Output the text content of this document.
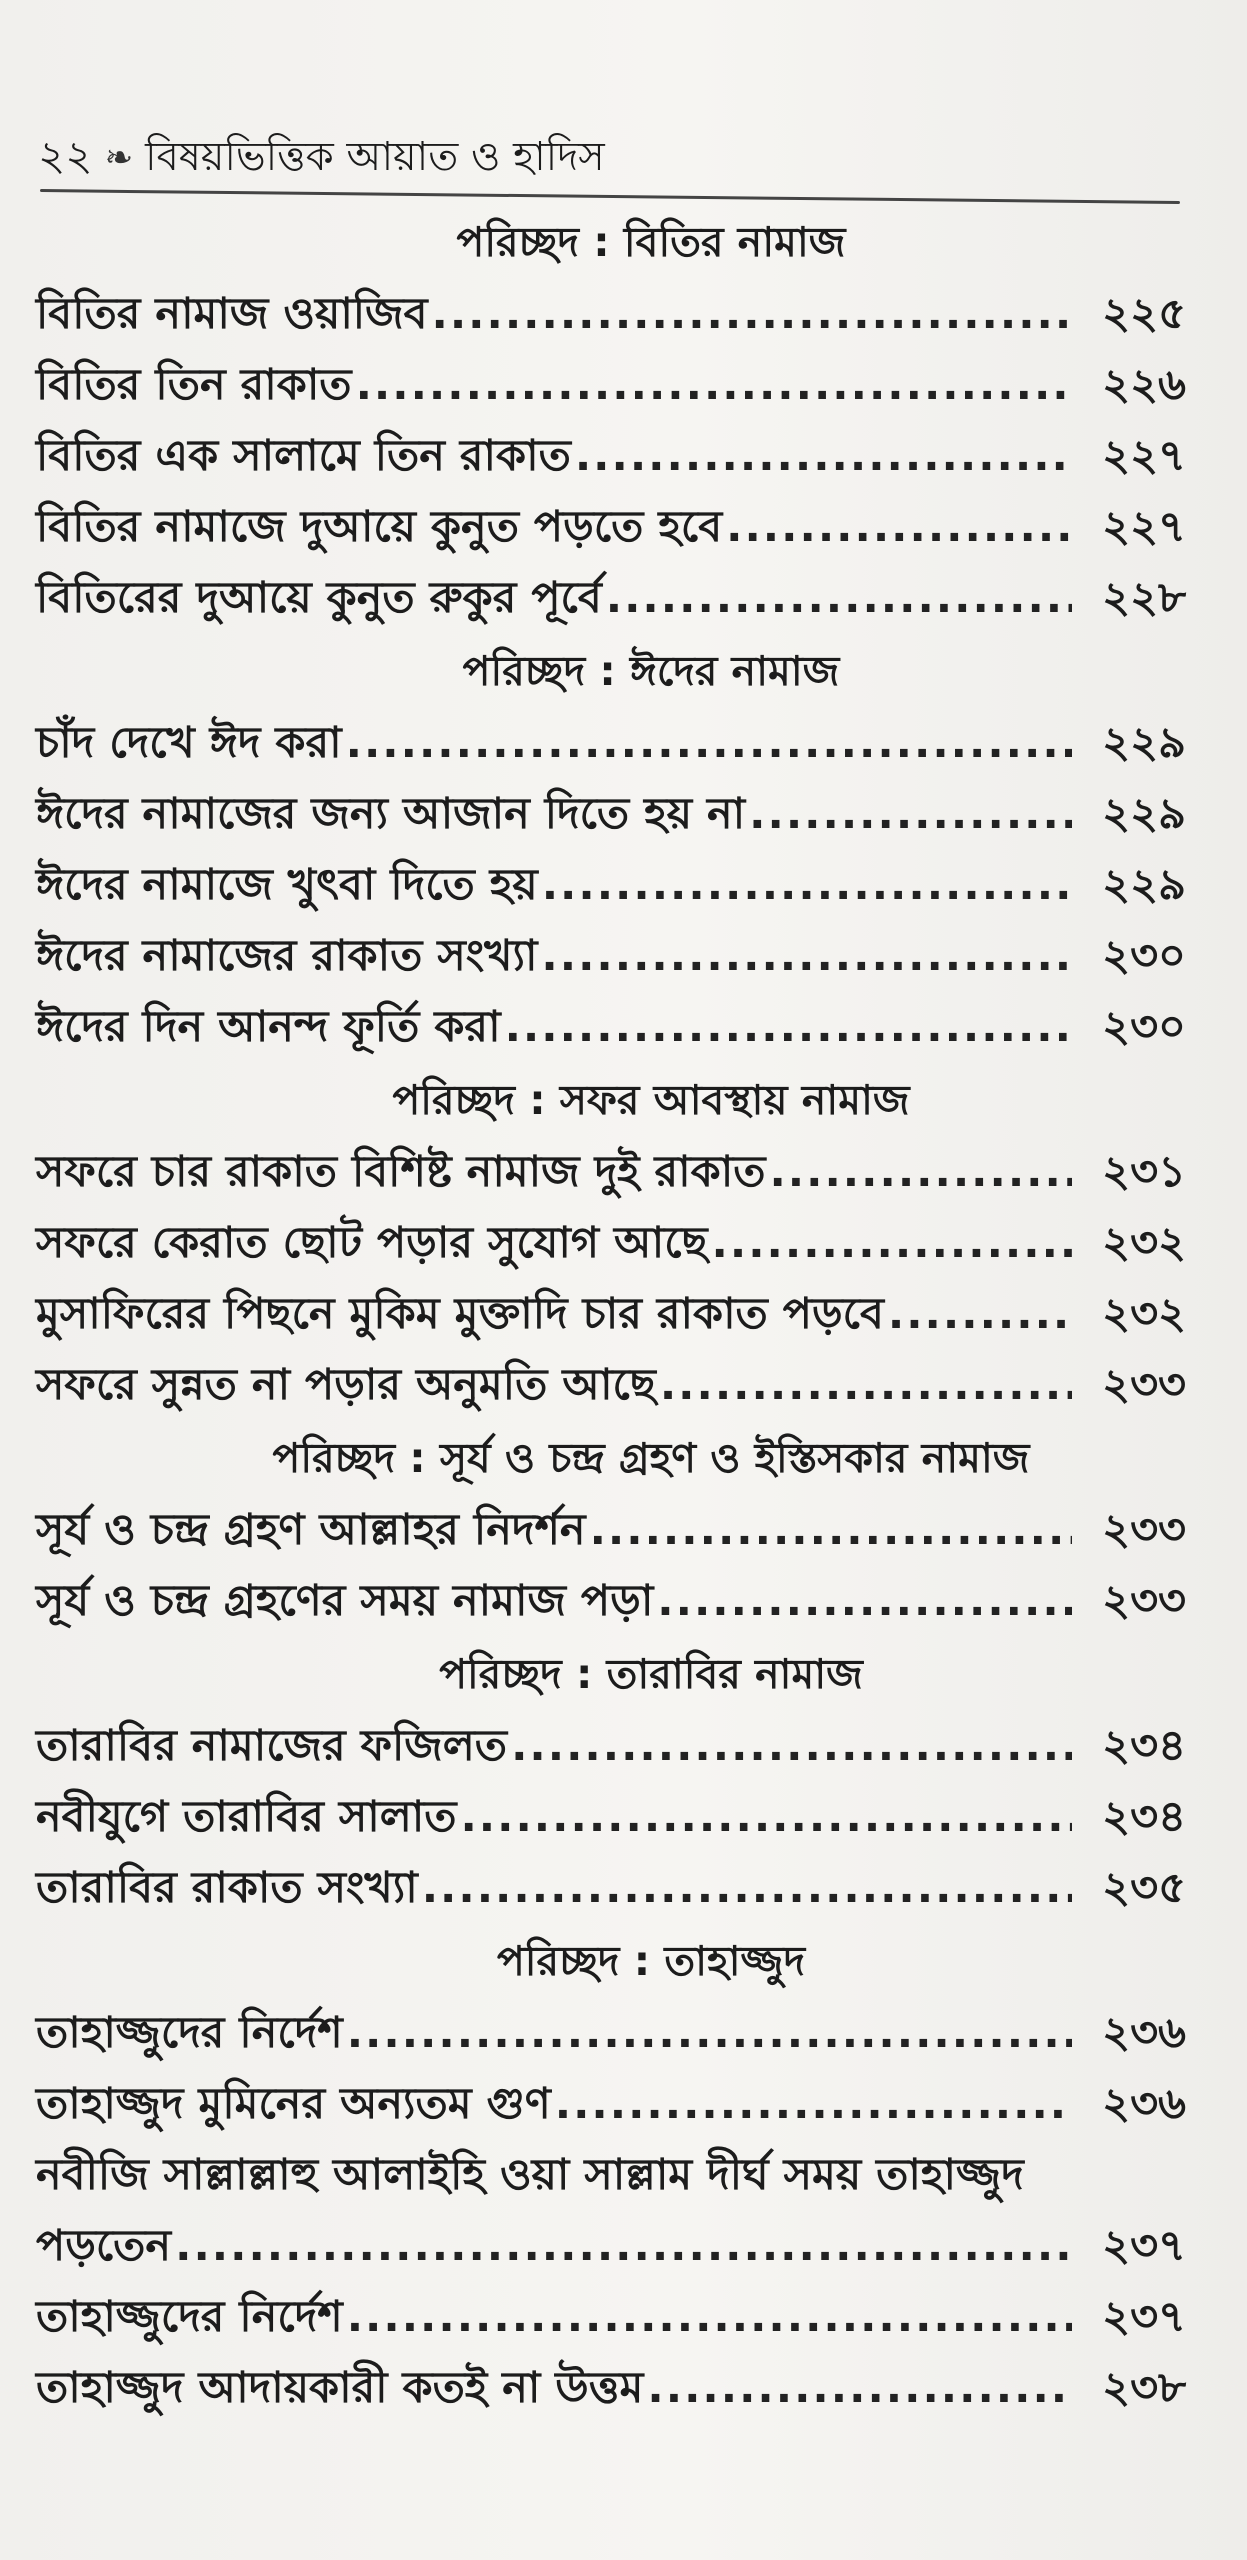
২২ ❧ বিষয়ভিত্তিক আয়াত ও হাদিস
পরিচ্ছদ : বিতির নামাজ
বিতির নামাজ ওয়াজিব .....	২২৫
বিতির তিন রাকাত .....	২২৬
বিতির এক সালামে তিন রাকাত .....	২২৭
বিতির নামাজে দুআয়ে কুনুত পড়তে হবে .....	২২৭
বিতিরের দুআয়ে কুনুত রুকুর পূর্বে .....	২২৮
পরিচ্ছদ : ঈদের নামাজ
চাঁদ দেখে ঈদ করা .....	২২৯
ঈদের নামাজের জন্য আজান দিতে হয় না .....	২২৯
ঈদের নামাজে খুৎবা দিতে হয় .....	২২৯
ঈদের নামাজের রাকাত সংখ্যা .....	২৩০
ঈদের দিন আনন্দ ফূর্তি করা .....	২৩০
পরিচ্ছদ : সফর আবস্থায় নামাজ
সফরে চার রাকাত বিশিষ্ট নামাজ দুই রাকাত .....	২৩১
সফরে কেরাত ছোট পড়ার সুযোগ আছে .....	২৩২
মুসাফিরের পিছনে মুকিম মুক্তাদি চার রাকাত পড়বে .....	২৩২
সফরে সুন্নত না পড়ার অনুমতি আছে .....	২৩৩
পরিচ্ছদ : সূর্য ও চন্দ্র গ্রহণ ও ইস্তিসকার নামাজ
সূর্য ও চন্দ্র গ্রহণ আল্লাহর নিদর্শন .....	২৩৩
সূর্য ও চন্দ্র গ্রহণের সময় নামাজ পড়া .....	২৩৩
পরিচ্ছদ : তারাবির নামাজ
তারাবির নামাজের ফজিলত .....	২৩৪
নবীযুগে তারাবির সালাত .....	২৩৪
তারাবির রাকাত সংখ্যা .....	২৩৫
পরিচ্ছদ : তাহাজ্জুদ
তাহাজ্জুদের নির্দেশ .....	২৩৬
তাহাজ্জুদ মুমিনের অন্যতম গুণ .....	২৩৬
নবীজি সাল্লাল্লাহু আলাইহি ওয়া সাল্লাম দীর্ঘ সময় তাহাজ্জুদ
পড়তেন .....	২৩৭
তাহাজ্জুদের নির্দেশ .....	২৩৭
তাহাজ্জুদ আদায়কারী কতই না উত্তম .....	২৩৮
